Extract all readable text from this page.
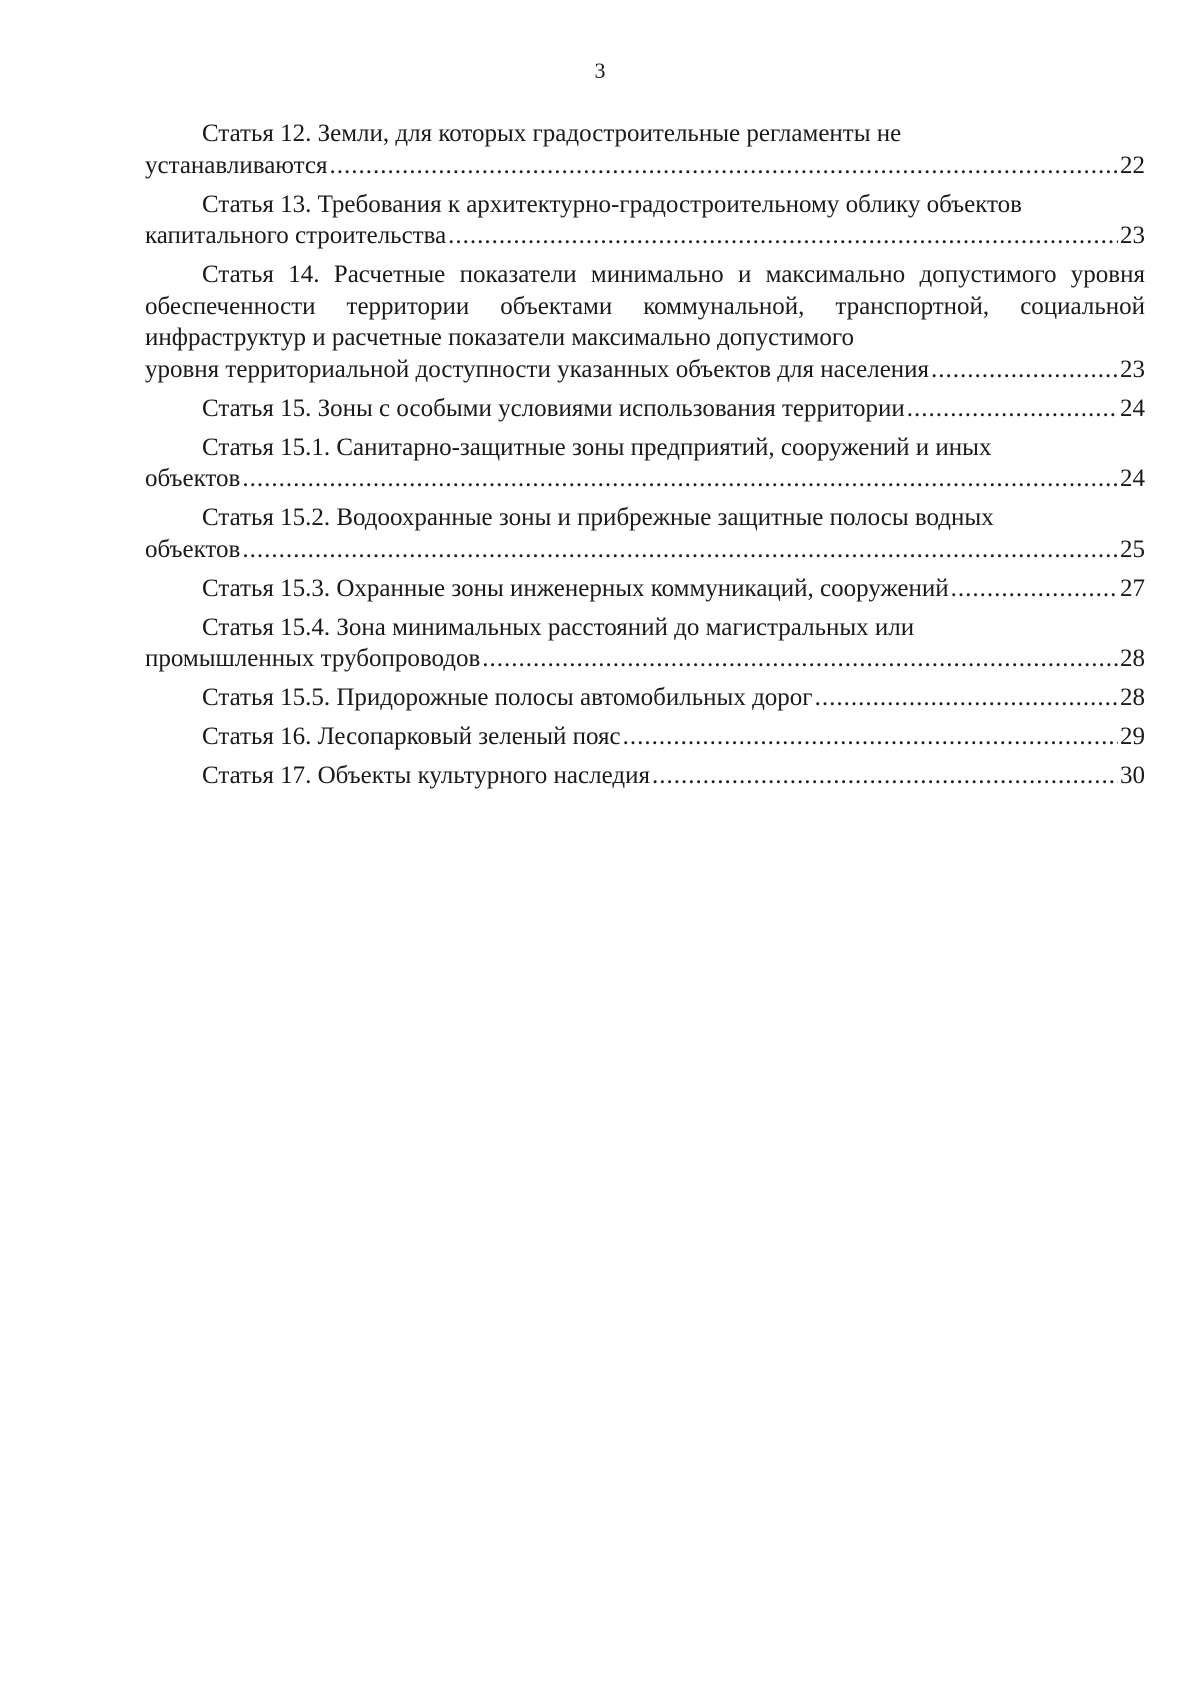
3
Статья 12. Земли, для которых градостроительные регламенты не
устанавливаются .....	22
Статья 13. Требования к архитектурно-градостроительному облику объектов
капитального строительства .....	23
Статья 14. Расчетные показатели минимально и максимально допустимого уровня обеспеченности территории объектами коммунальной, транспортной, социальной инфраструктур и расчетные показатели максимально допустимого
уровня территориальной доступности указанных объектов для населения .....	23
Статья 15. Зоны с особыми условиями использования территории .....	24
Статья 15.1. Санитарно-защитные зоны предприятий, сооружений и иных
объектов .....	24
Статья 15.2. Водоохранные зоны и прибрежные защитные полосы водных
объектов .....	25
Статья 15.3. Охранные зоны инженерных коммуникаций, сооружений .....	27
Статья 15.4. Зона минимальных расстояний до магистральных или
промышленных трубопроводов .....	28
Статья 15.5. Придорожные полосы автомобильных дорог .....	28
Статья 16. Лесопарковый зеленый пояс .....	29
Статья 17. Объекты культурного наследия .....	30
